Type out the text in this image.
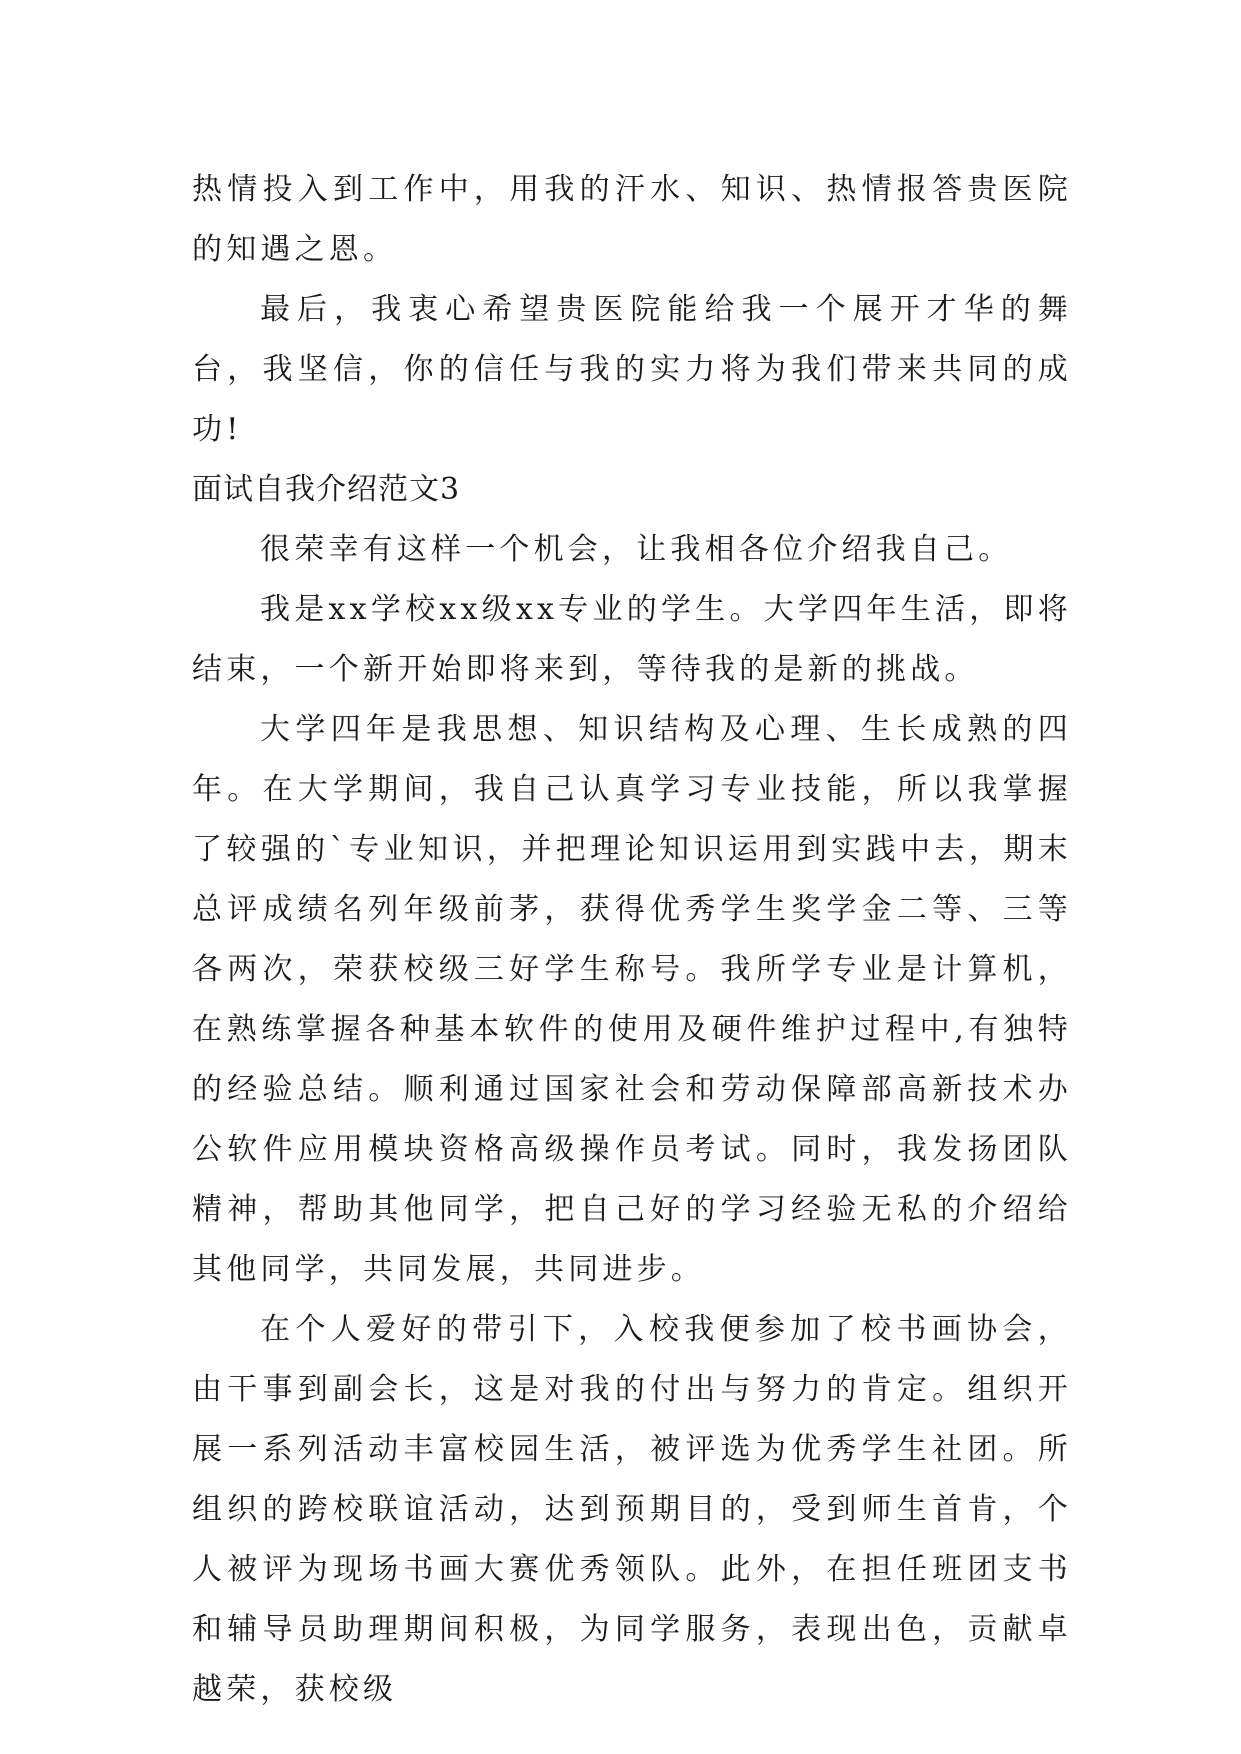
热情投入到工作中，用我的汗水、知识、热情报答贵医院的知遇之恩。

最后，我衷心希望贵医院能给我一个展开才华的舞台，我坚信，你的信任与我的实力将为我们带来共同的成功!

面试自我介绍范文3

很荣幸有这样一个机会，让我相各位介绍我自己。

我是xx学校xx级xx专业的学生。大学四年生活，即将结束，一个新开始即将来到，等待我的是新的挑战。

大学四年是我思想、知识结构及心理、生长成熟的四年。在大学期间，我自己认真学习专业技能，所以我掌握了较强的`专业知识，并把理论知识运用到实践中去，期末总评成绩名列年级前茅，获得优秀学生奖学金二等、三等各两次，荣获校级三好学生称号。我所学专业是计算机，在熟练掌握各种基本软件的使用及硬件维护过程中,有独特的经验总结。顺利通过国家社会和劳动保障部高新技术办公软件应用模块资格高级操作员考试。同时，我发扬团队精神，帮助其他同学，把自己好的学习经验无私的介绍给其他同学，共同发展，共同进步。

在个人爱好的带引下，入校我便参加了校书画协会，由干事到副会长，这是对我的付出与努力的肯定。组织开展一系列活动丰富校园生活，被评选为优秀学生社团。所组织的跨校联谊活动，达到预期目的，受到师生首肯，个人被评为现场书画大赛优秀领队。此外，在担任班团支书和辅导员助理期间积极，为同学服务，表现出色，贡献卓越荣，获校级
